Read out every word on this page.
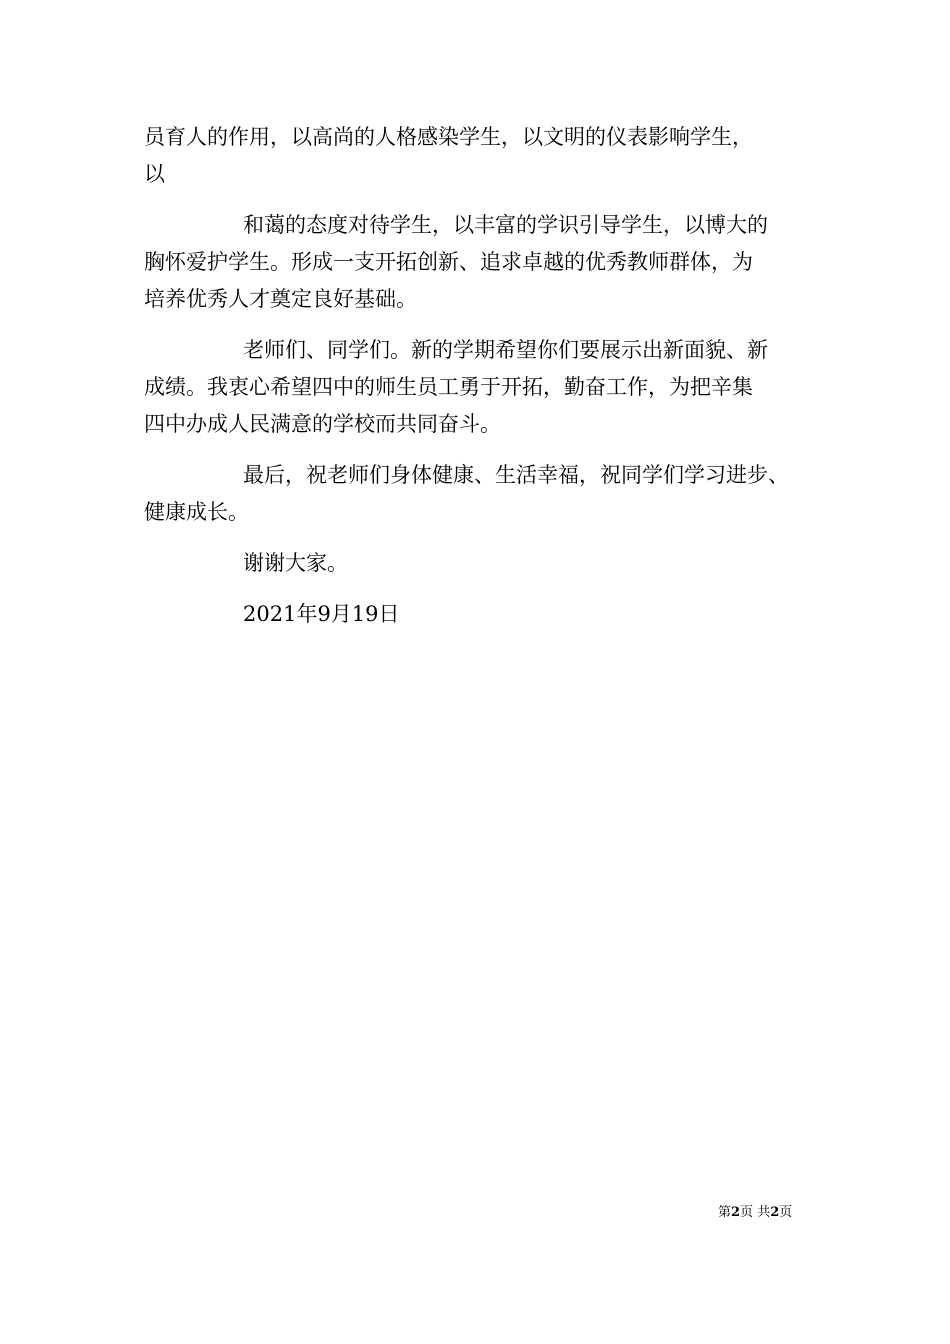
员育人的作用，以高尚的人格感染学生，以文明的仪表影响学生，
以
和蔼的态度对待学生，以丰富的学识引导学生，以博大的
胸怀爱护学生。形成一支开拓创新、追求卓越的优秀教师群体，为
培养优秀人才奠定良好基础。
老师们、同学们。新的学期希望你们要展示出新面貌、新
成绩。我衷心希望四中的师生员工勇于开拓，勤奋工作，为把辛集
四中办成人民满意的学校而共同奋斗。
最后，祝老师们身体健康、生活幸福，祝同学们学习进步、
健康成长。
谢谢大家。
2021年9月19日
第2页 共2页
